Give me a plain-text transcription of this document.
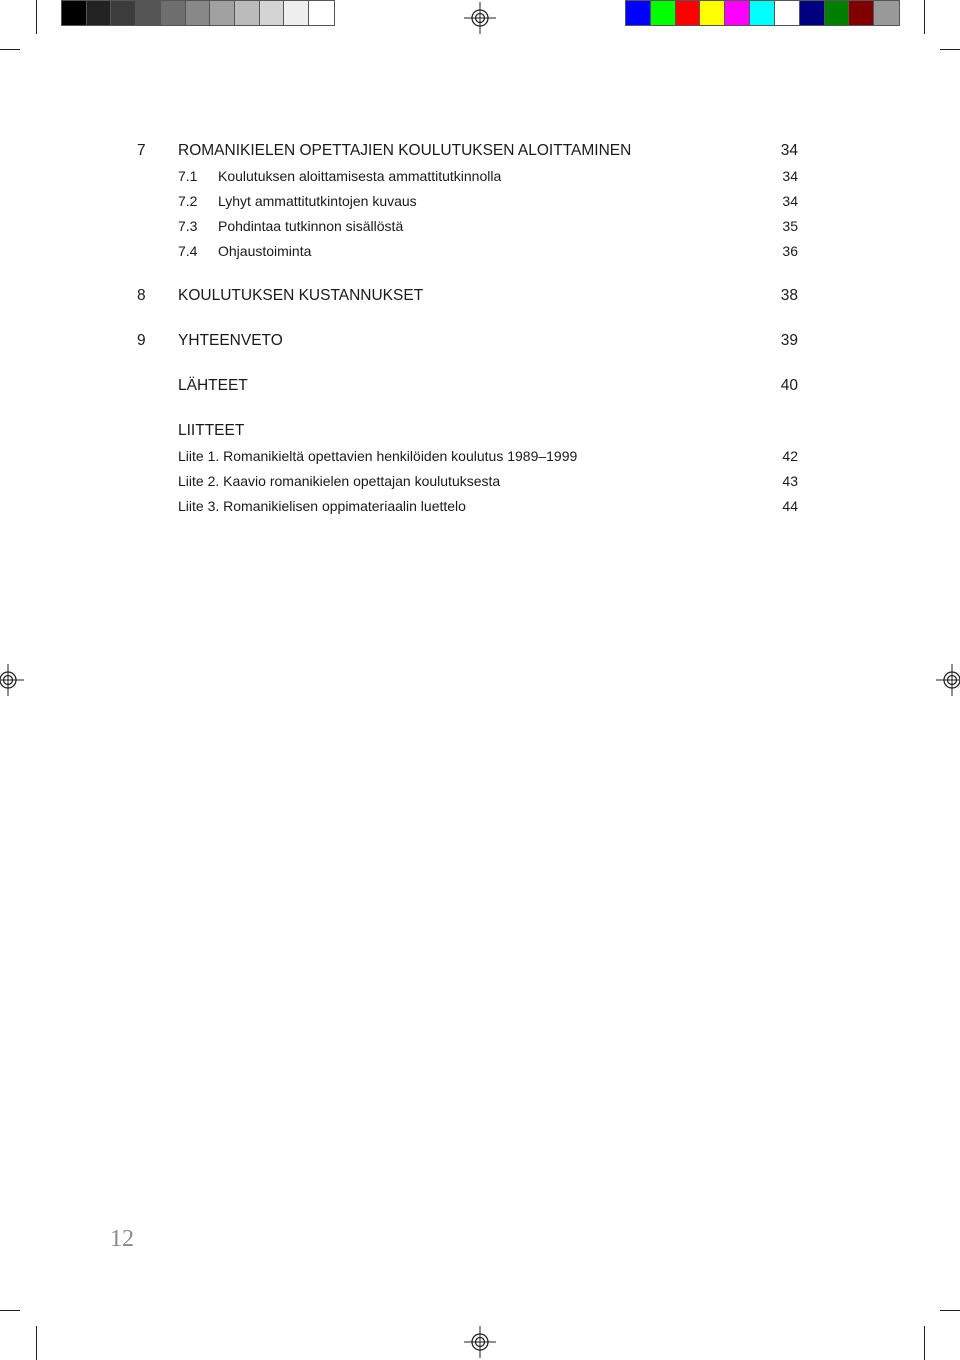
7 ROMANIKIELEN OPETTAJIEN KOULUTUKSEN ALOITTAMINEN	34
7.1 Koulutuksen aloittamisesta ammattitutkinnolla	34
7.2 Lyhyt ammattitutkintojen kuvaus	34
7.3 Pohdintaa tutkinnon sisällöstä	35
7.4 Ohjaustoiminta	36
8 KOULUTUKSEN KUSTANNUKSET	38
9 YHTEENVETO	39
LÄHTEET	40
LIITTEET
Liite 1. Romanikieltä opettavien henkilöiden koulutus 1989–1999	42
Liite 2. Kaavio romanikielen opettajan koulutuksesta	43
Liite 3. Romanikielisen oppimateriaalin luettelo	44
12
